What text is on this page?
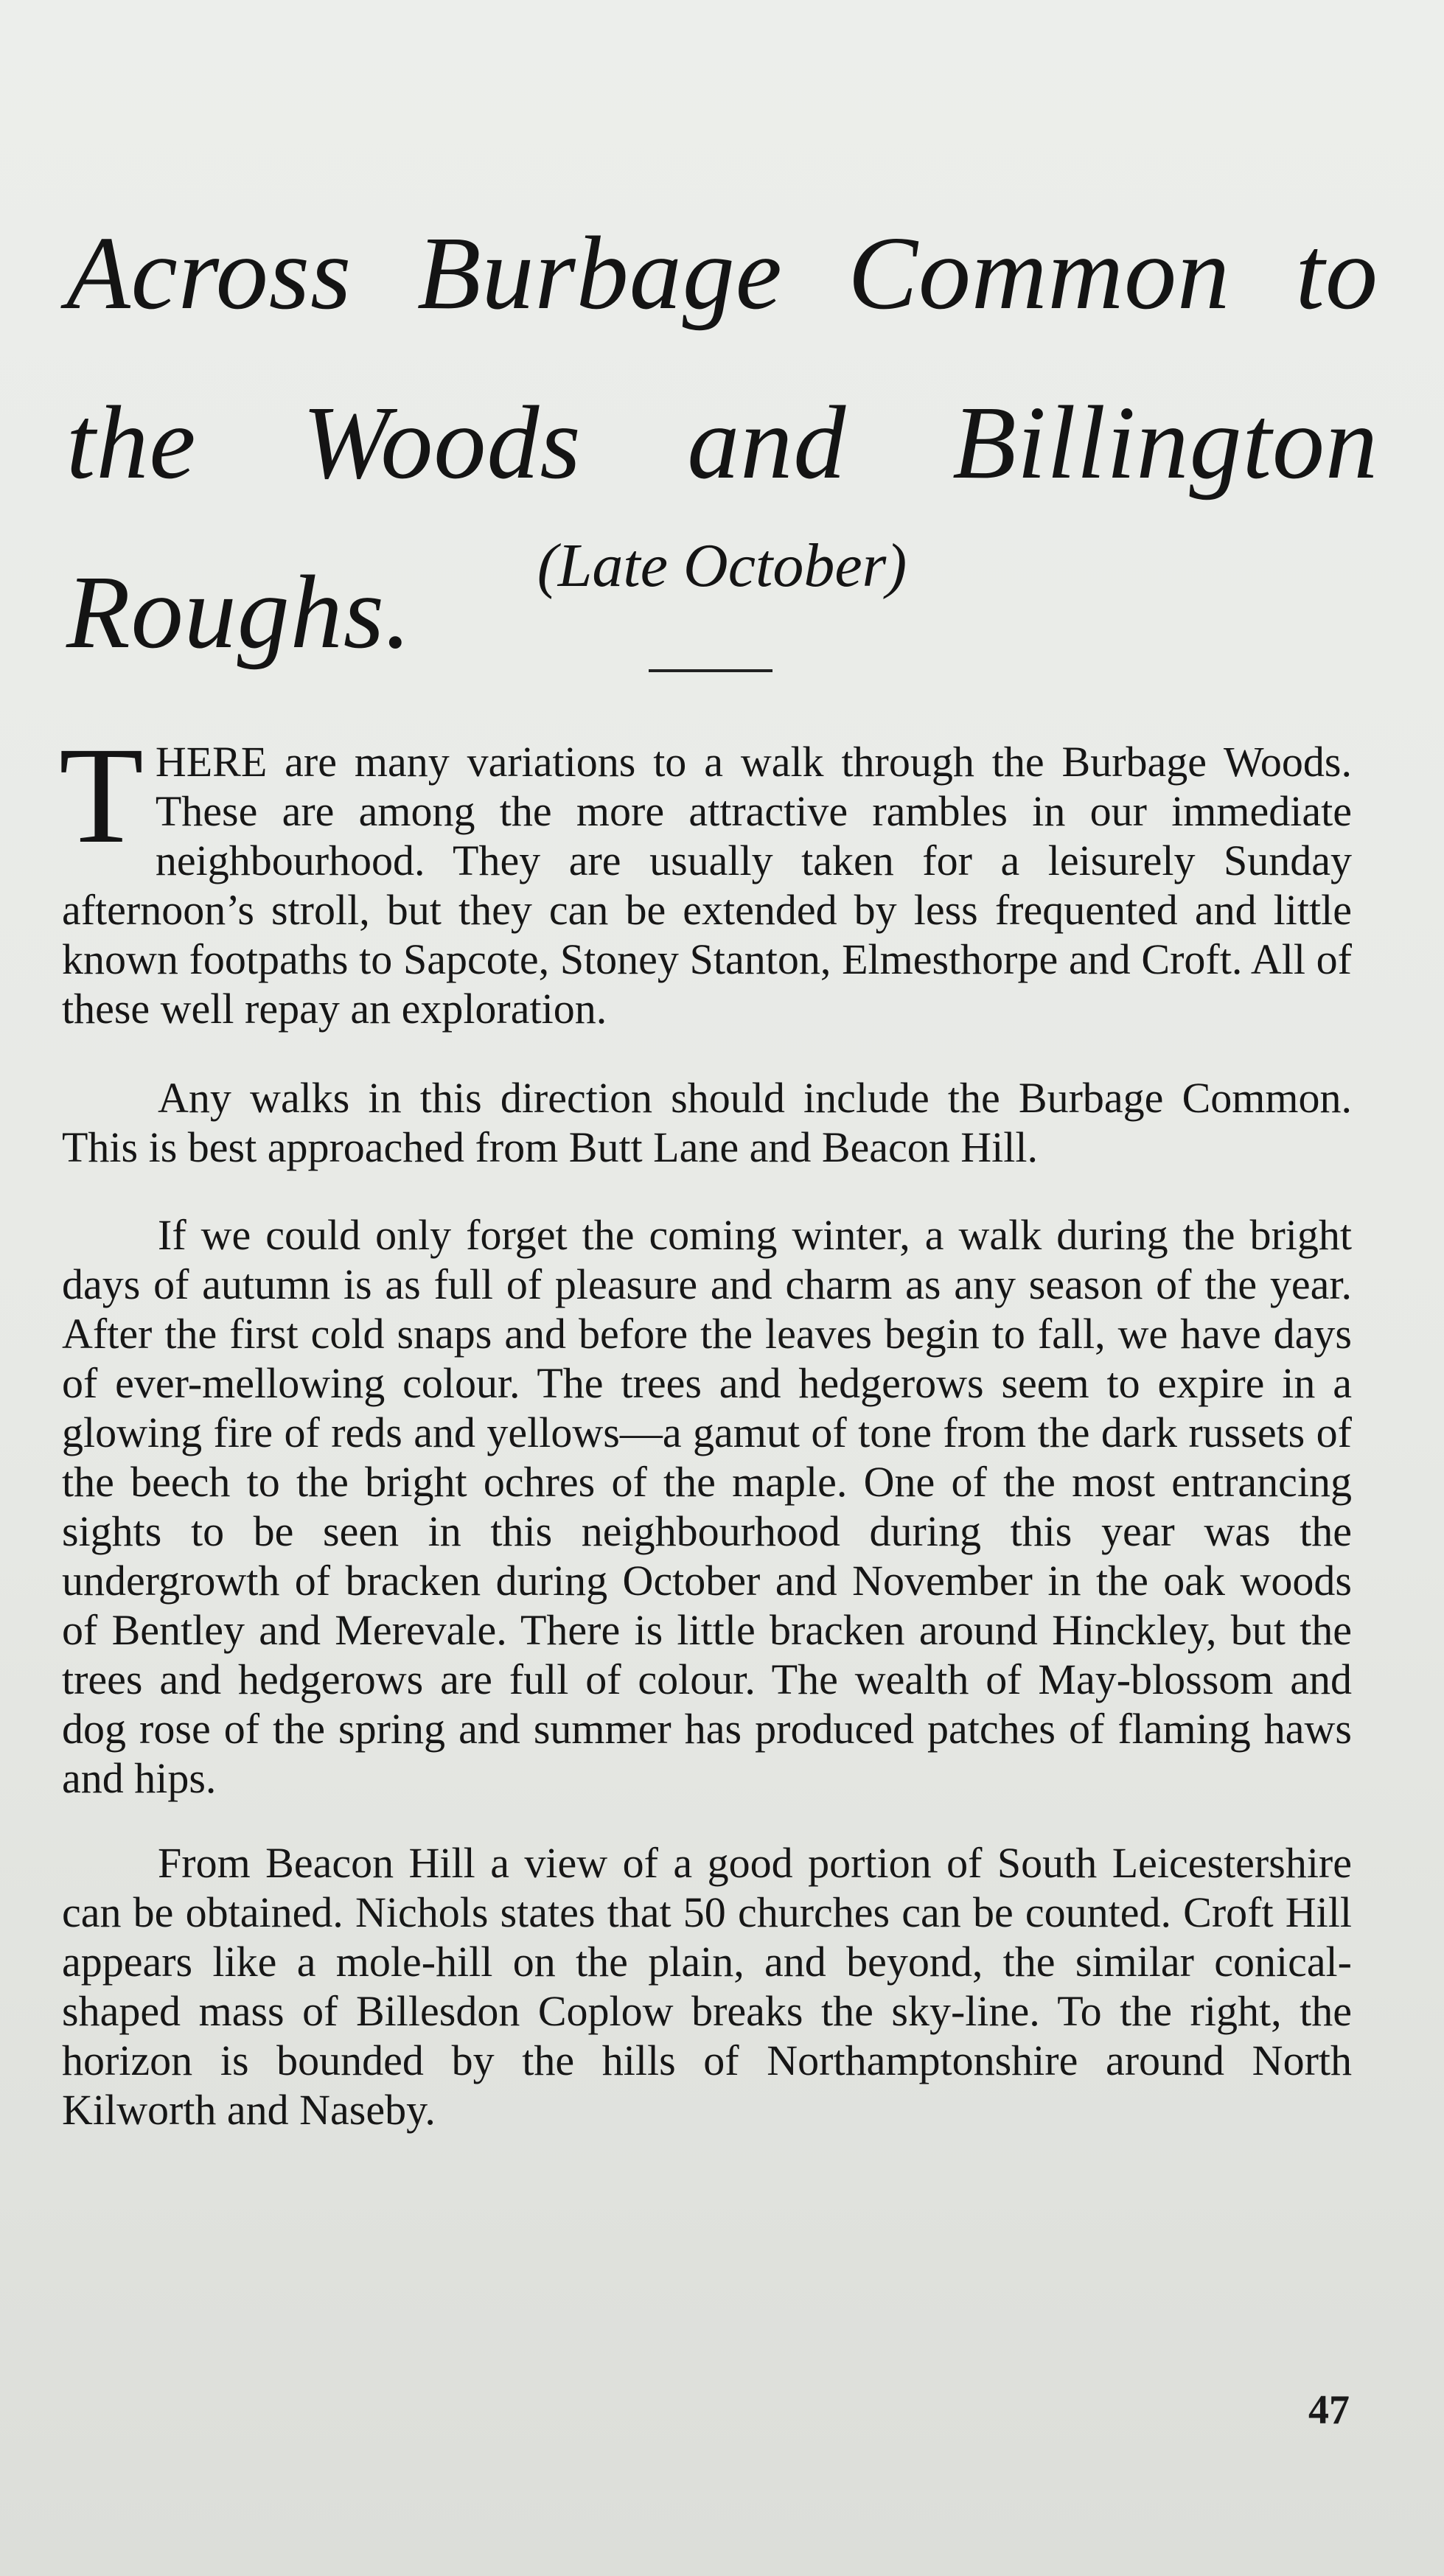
Across Burbage Common to the Woods and Billington Roughs.	(Late October)

T HERE are many variations to a walk through the Burbage Woods. These are among the more attractive rambles in our immediate neighbourhood. They are usually taken for a leisurely Sunday afternoon’s stroll, but they can be extended by less frequented and little known footpaths to Sapcote, Stoney Stanton, Elmesthorpe and Croft. All of these well repay an exploration.

Any walks in this direction should include the Burbage Common. This is best approached from Butt Lane and Beacon Hill.

If we could only forget the coming winter, a walk during the bright days of autumn is as full of pleasure and charm as any season of the year. After the first cold snaps and before the leaves begin to fall, we have days of ever-mellowing colour. The trees and hedgerows seem to expire in a glowing fire of reds and yellows—a gamut of tone from the dark russets of the beech to the bright ochres of the maple. One of the most entrancing sights to be seen in this neighbourhood during this year was the undergrowth of bracken during October and November in the oak woods of Bentley and Merevale. There is little bracken around Hinckley, but the trees and hedgerows are full of colour. The wealth of May-blossom and dog rose of the spring and summer has produced patches of flaming haws and hips.

From Beacon Hill a view of a good portion of South Leicestershire can be obtained. Nichols states that 50 churches can be counted. Croft Hill appears like a mole-hill on the plain, and beyond, the similar conical-shaped mass of Billesdon Coplow breaks the sky-line. To the right, the horizon is bounded by the hills of Northamptonshire around North Kilworth and Naseby.

47
